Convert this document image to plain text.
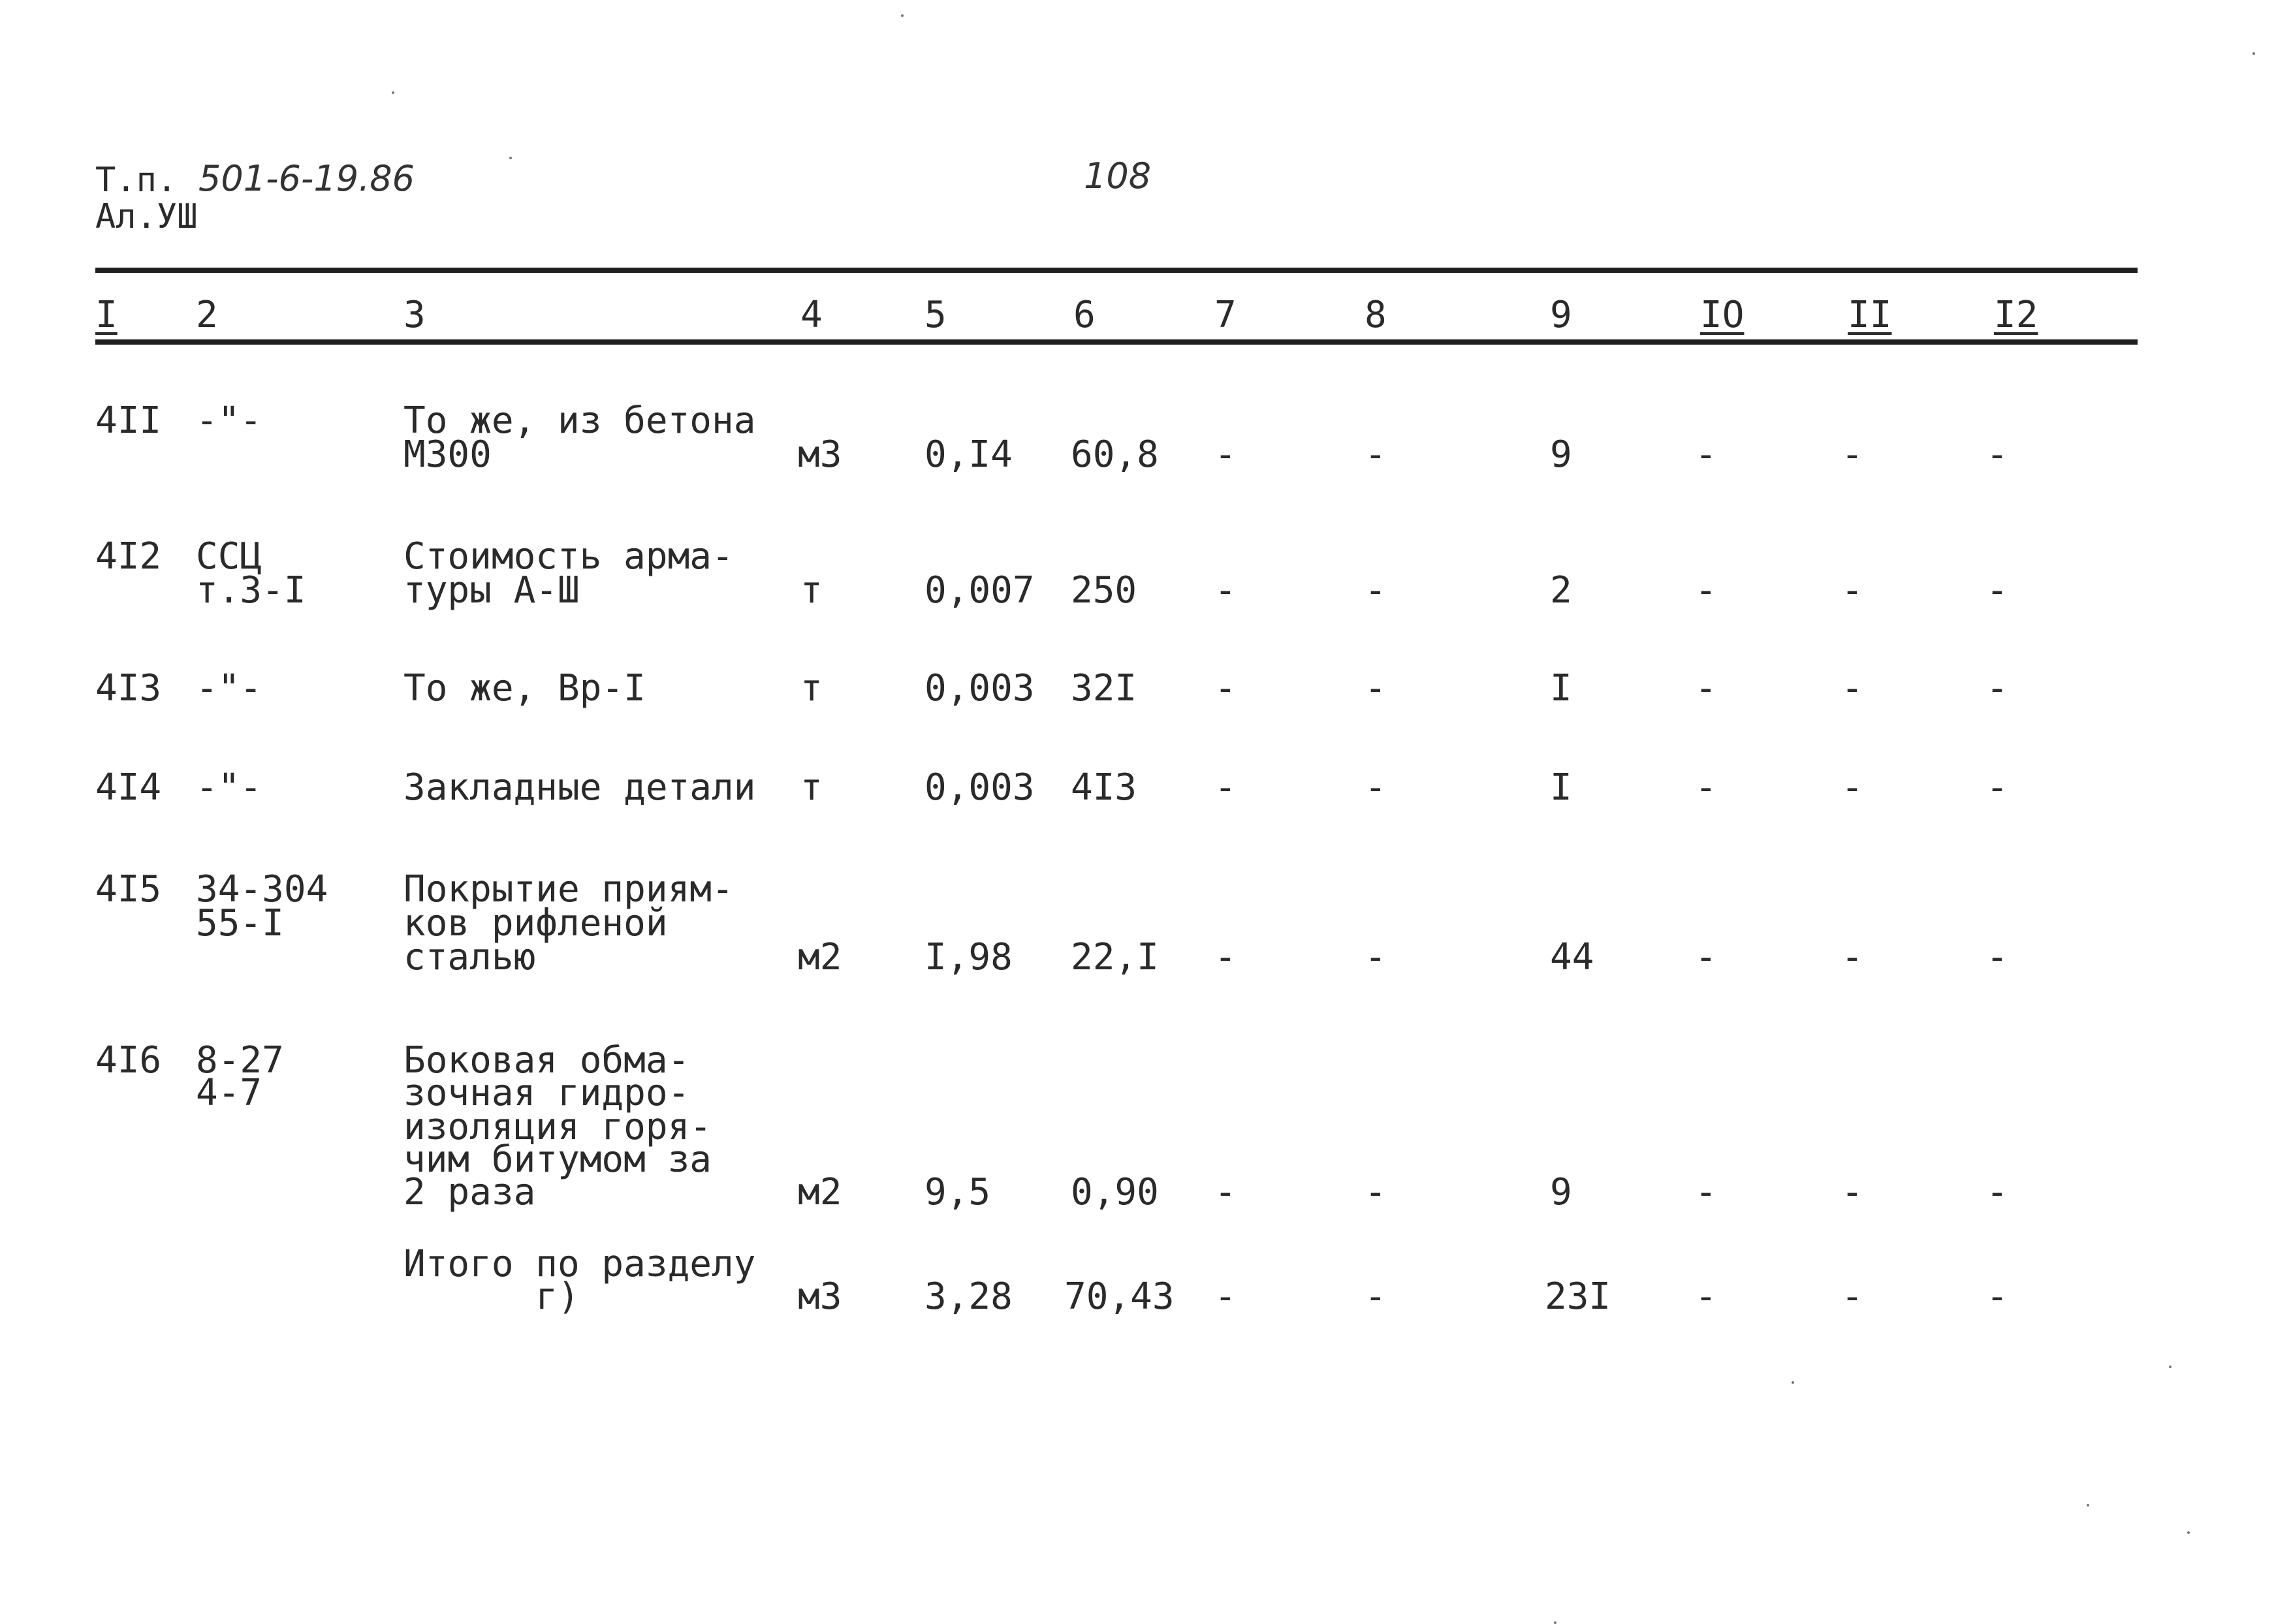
Т.п. 501-6-19.86
Ал.УШ
108
I 2	3	4	5	6	7	8	9	IO	II	I2
4II -"-	То же, из бетона
М300	м3 0,I4 60,8 -	-	9	-	-	-
4I2 ССЦ
т.3-I
Стоимость арма-
туры А-Ш	т	0,007 250 -	-	2	-	-	-
4I3 -"-	То же, Вр-I	т	0,003 32I -	-	I	-	-	-
4I4 -"-	Закладные детали т	0,003 4I3 -	-	I	-	-	-
4I5 34-304
55-I
Покрытие приям-
ков рифленой
сталью	м2 I,98 22,I -	-	44	-	-	-
4I6 8-27
4-7
Боковая обма-
зочная гидро-
изоляция горя-
чим битумом за
2 раза	м2 9,5 0,90 -	-	9	-	-	-
Итого по разделу
г)	м3 3,28 70,43 -	-	23I -	-	-
